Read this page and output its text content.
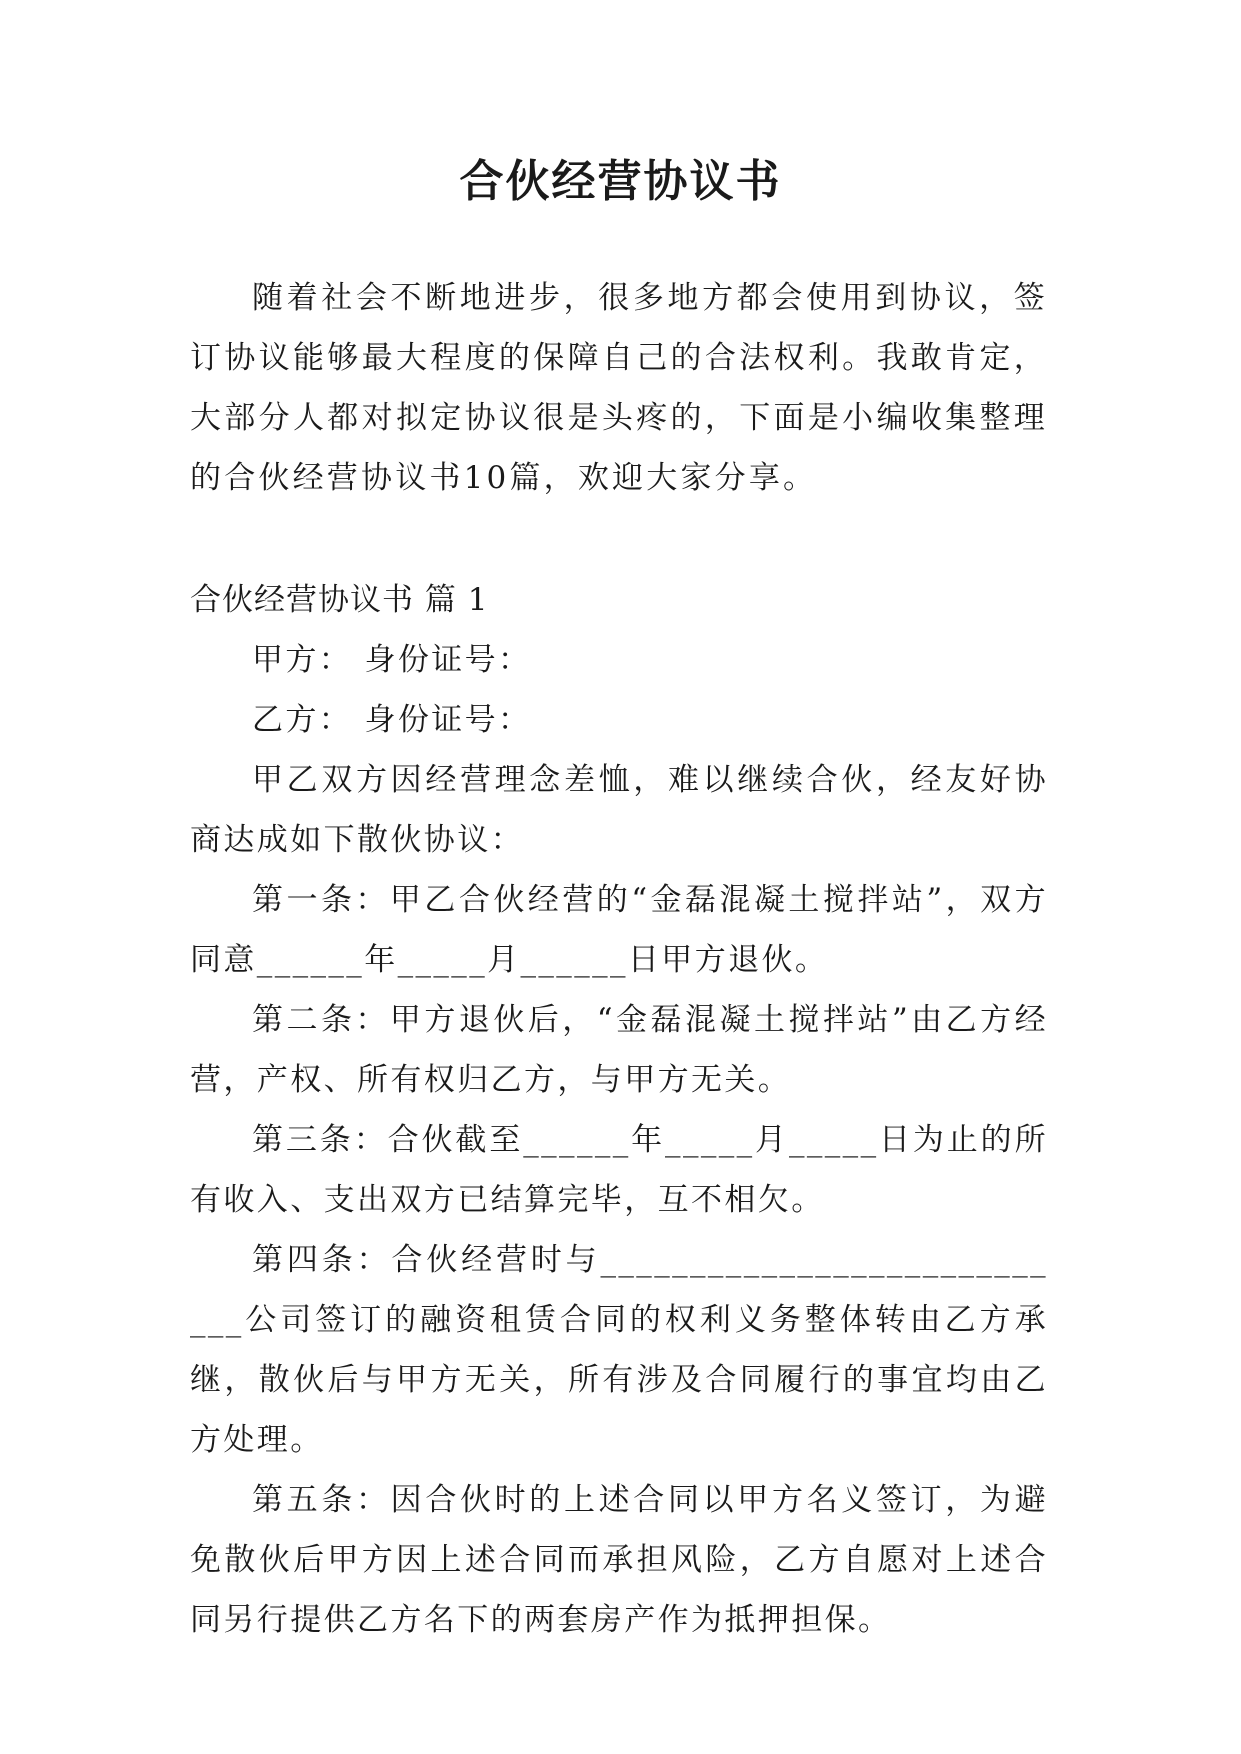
合伙经营协议书

随着社会不断地进步，很多地方都会使用到协议，签订协议能够最大程度的保障自己的合法权利。我敢肯定，大部分人都对拟定协议很是头疼的，下面是小编收集整理的合伙经营协议书10篇，欢迎大家分享。

合伙经营协议书 篇 1

甲方： 身份证号：

乙方： 身份证号：

甲乙双方因经营理念差恤，难以继续合伙，经友好协商达成如下散伙协议：

第一条：甲乙合伙经营的“金磊混凝土搅拌站”，双方同意______年_____月______日甲方退伙。

第二条：甲方退伙后，“金磊混凝土搅拌站”由乙方经营，产权、所有权归乙方，与甲方无关。

第三条：合伙截至______年_____月_____日为止的所有收入、支出双方已结算完毕，互不相欠。

第四条：合伙经营时与____________________________公司签订的融资租赁合同的权利义务整体转由乙方承继，散伙后与甲方无关，所有涉及合同履行的事宜均由乙方处理。

第五条：因合伙时的上述合同以甲方名义签订，为避免散伙后甲方因上述合同而承担风险，乙方自愿对上述合同另行提供乙方名下的两套房产作为抵押担保。
